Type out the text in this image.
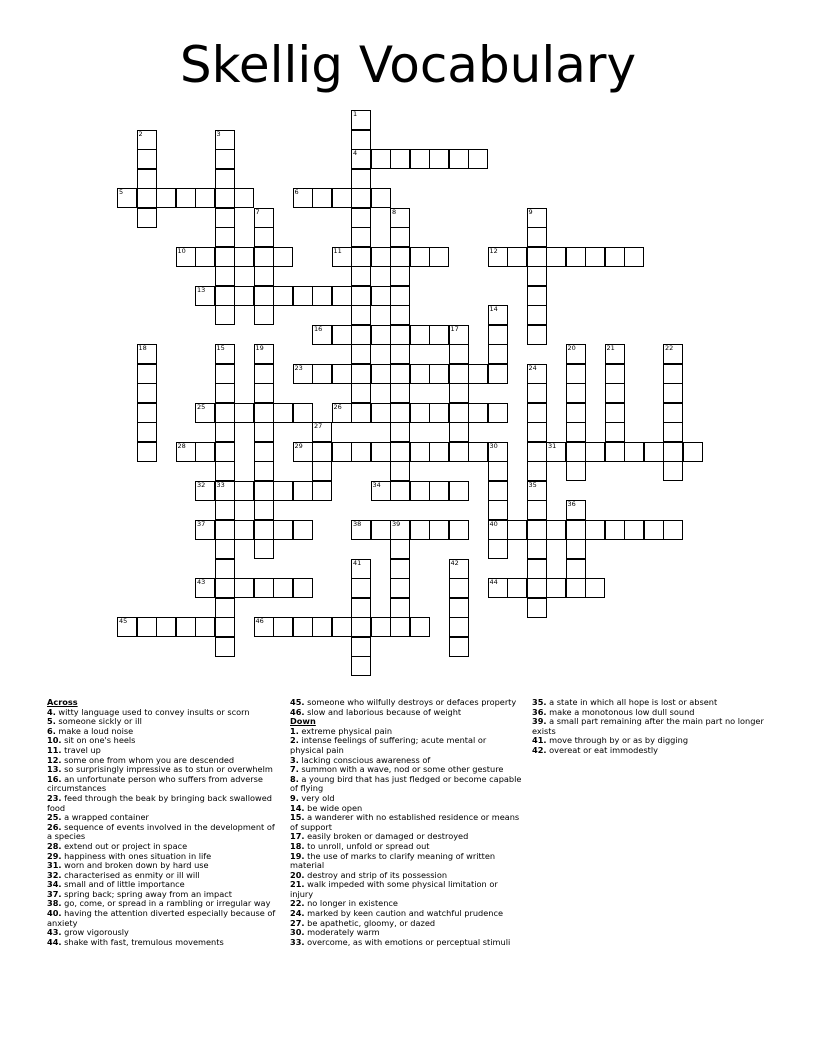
Skellig Vocabulary
1
4
2	3
5	6
7	8	9
10	11	12
13
14
15
33
16	17
18	19	20	21	22
23	24
25	26
27
28	29	30
40
31
32	34	35
36
37	38	39
41	42
43	44
45	46
Across
4. witty language used to convey insults or scorn
5. someone sickly or ill
6. make a loud noise
10. sit on one's heels
11. travel up
12. some one from whom you are descended
13. so surprisingly impressive as to stun or overwhelm
16. an unfortunate person who suffers from adverse circumstances
23. feed through the beak by bringing back swallowed food
25. a wrapped container
26. sequence of events involved in the development of a species
28. extend out or project in space
29. happiness with ones situation in life
31. worn and broken down by hard use
32. characterised as enmity or ill will
34. small and of little importance
37. spring back; spring away from an impact
38. go, come, or spread in a rambling or irregular way
40. having the attention diverted especially because of anxiety
43. grow vigorously
44. shake with fast, tremulous movements
45. someone who wilfully destroys or defaces property
46. slow and laborious because of weight
Down
1. extreme physical pain
2. intense feelings of suffering; acute mental or physical pain
3. lacking conscious awareness of
7. summon with a wave, nod or some other gesture
8. a young bird that has just fledged or become capable of flying
9. very old
14. be wide open
15. a wanderer with no established residence or means of support
17. easily broken or damaged or destroyed
18. to unroll, unfold or spread out
19. the use of marks to clarify meaning of written material
20. destroy and strip of its possession
21. walk impeded with some physical limitation or injury
22. no longer in existence
24. marked by keen caution and watchful prudence
27. be apathetic, gloomy, or dazed
30. moderately warm
33. overcome, as with emotions or perceptual stimuli
35. a state in which all hope is lost or absent
36. make a monotonous low dull sound
39. a small part remaining after the main part no longer exists
41. move through by or as by digging
42. overeat or eat immodestly
